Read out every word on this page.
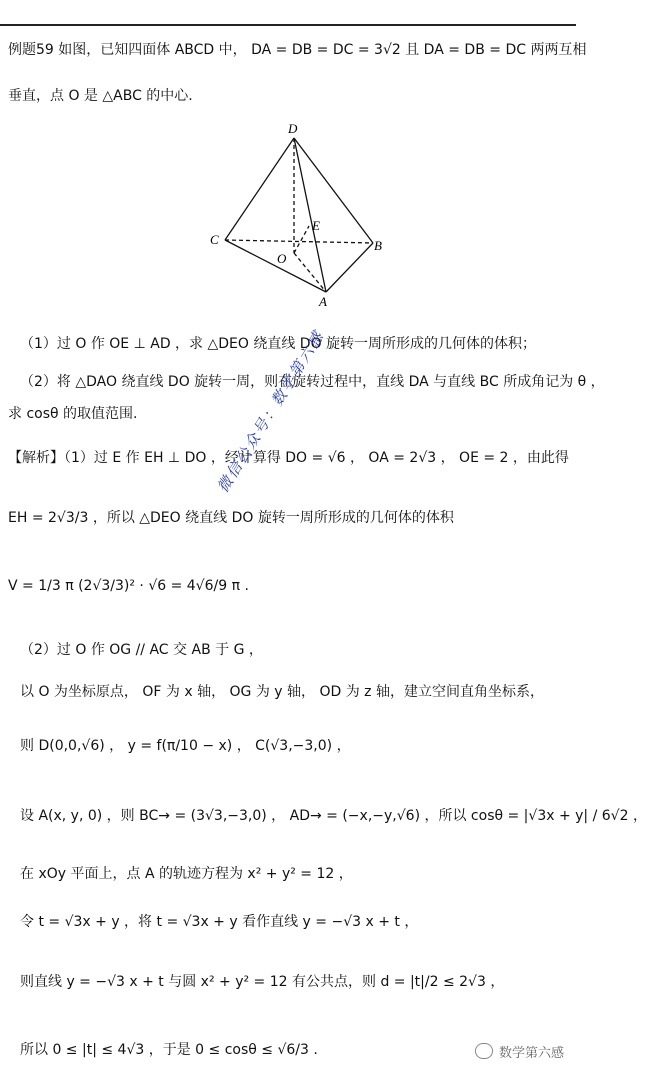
例题59 如图，已知四面体 ABCD 中， DA = DB = DC = 3√2 且 DA = DB = DC 两两互相
垂直，点 O 是 △ABC 的中心.
D
C	B
A
E
O
（1）过 O 作 OE ⊥ AD ，求 △DEO 绕直线 DO 旋转一周所形成的几何体的体积；
（2）将 △DAO 绕直线 DO 旋转一周，则在旋转过程中，直线 DA 与直线 BC 所成角记为 θ ，
求 cosθ 的取值范围.
【解析】（1）过 E 作 EH ⊥ DO ，经计算得 DO = √6 ， OA = 2√3 ， OE = 2 ，由此得
EH = 2√3/3 ，所以 △DEO 绕直线 DO 旋转一周所形成的几何体的体积
V = 1/3 π (2√3/3)² · √6 = 4√6/9 π .
（2）过 O 作 OG // AC 交 AB 于 G ，
以 O 为坐标原点， OF 为 x 轴， OG 为 y 轴， OD 为 z 轴，建立空间直角坐标系，
则 D(0,0,√6) ， y = f(π/10 − x) ， C(√3,−3,0) ，
设 A(x, y, 0) ，则 BC→ = (3√3,−3,0) ， AD→ = (−x,−y,√6) ，所以 cosθ = |√3x + y| / 6√2 ，
在 xOy 平面上，点 A 的轨迹方程为 x² + y² = 12 ，
令 t = √3x + y ，将 t = √3x + y 看作直线 y = −√3 x + t ，
则直线 y = −√3 x + t 与圆 x² + y² = 12 有公共点，则 d = |t|/2 ≤ 2√3 ，
所以 0 ≤ |t| ≤ 4√3 ，于是 0 ≤ cosθ ≤ √6/3 .
微信公众号：数学第六感
数学第六感
